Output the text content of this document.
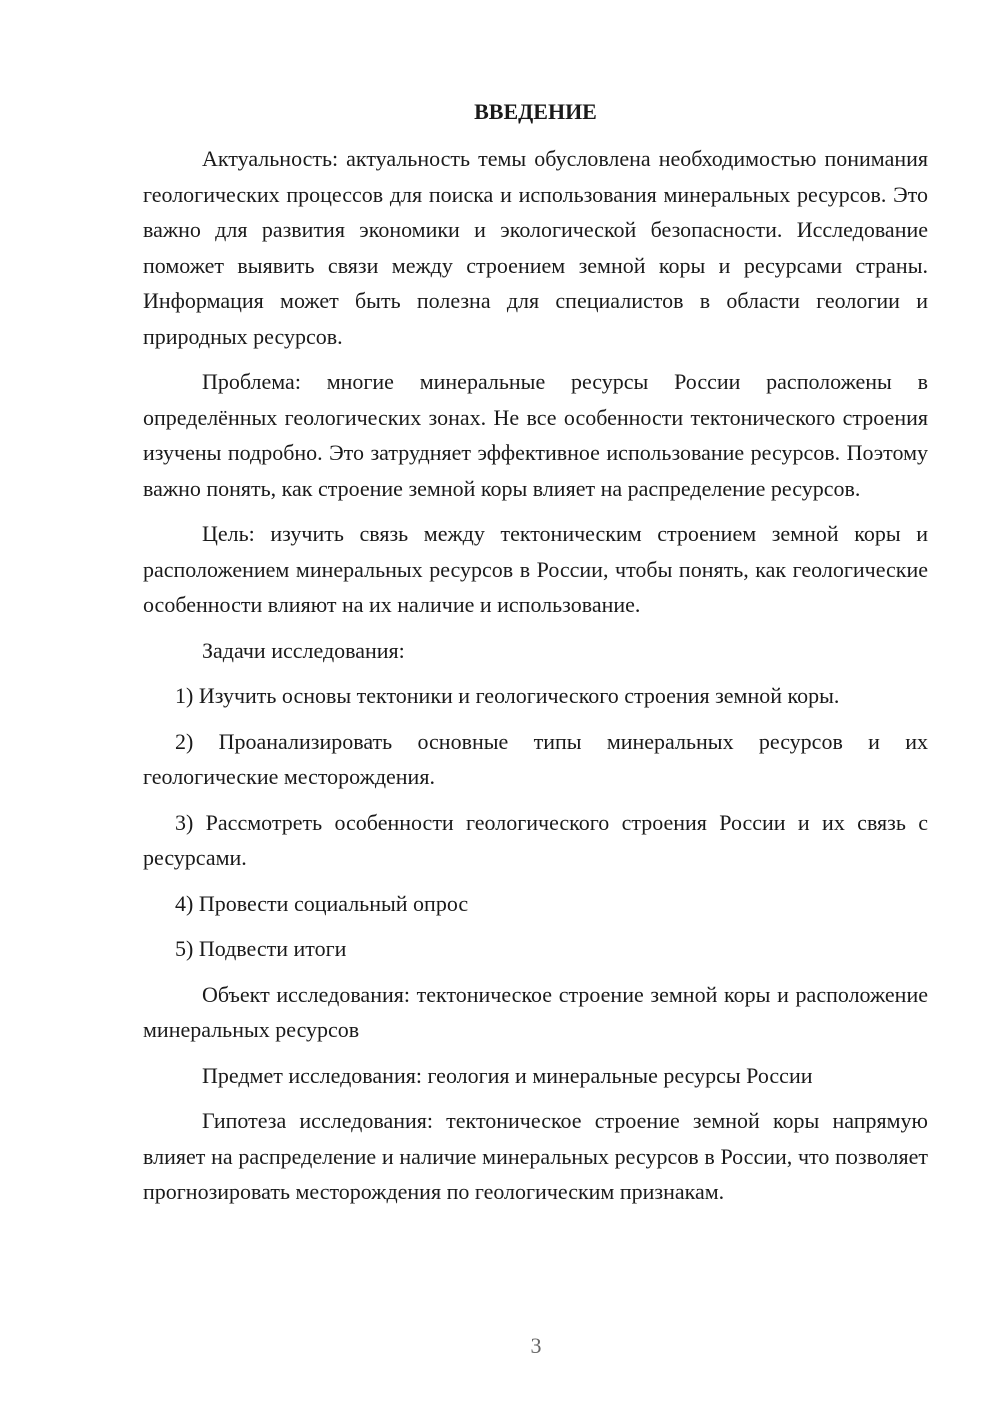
ВВЕДЕНИЕ

Актуальность: актуальность темы обусловлена необходимостью понимания геологических процессов для поиска и использования минеральных ресурсов. Это важно для развития экономики и экологической безопасности. Исследование поможет выявить связи между строением земной коры и ресурсами страны. Информация может быть полезна для специалистов в области геологии и природных ресурсов.

Проблема: многие минеральные ресурсы России расположены в определённых геологических зонах. Не все особенности тектонического строения изучены подробно. Это затрудняет эффективное использование ресурсов. Поэтому важно понять, как строение земной коры влияет на распределение ресурсов.

Цель: изучить связь между тектоническим строением земной коры и расположением минеральных ресурсов в России, чтобы понять, как геологические особенности влияют на их наличие и использование.

Задачи исследования:

1) Изучить основы тектоники и геологического строения земной коры.

2) Проанализировать основные типы минеральных ресурсов и их геологические месторождения.

3) Рассмотреть особенности геологического строения России и их связь с ресурсами.

4) Провести социальный опрос

5) Подвести итоги

Объект исследования: тектоническое строение земной коры и расположение минеральных ресурсов

Предмет исследования: геология и минеральные ресурсы России

Гипотеза исследования: тектоническое строение земной коры напрямую влияет на распределение и наличие минеральных ресурсов в России, что позволяет прогнозировать месторождения по геологическим признакам.

3
